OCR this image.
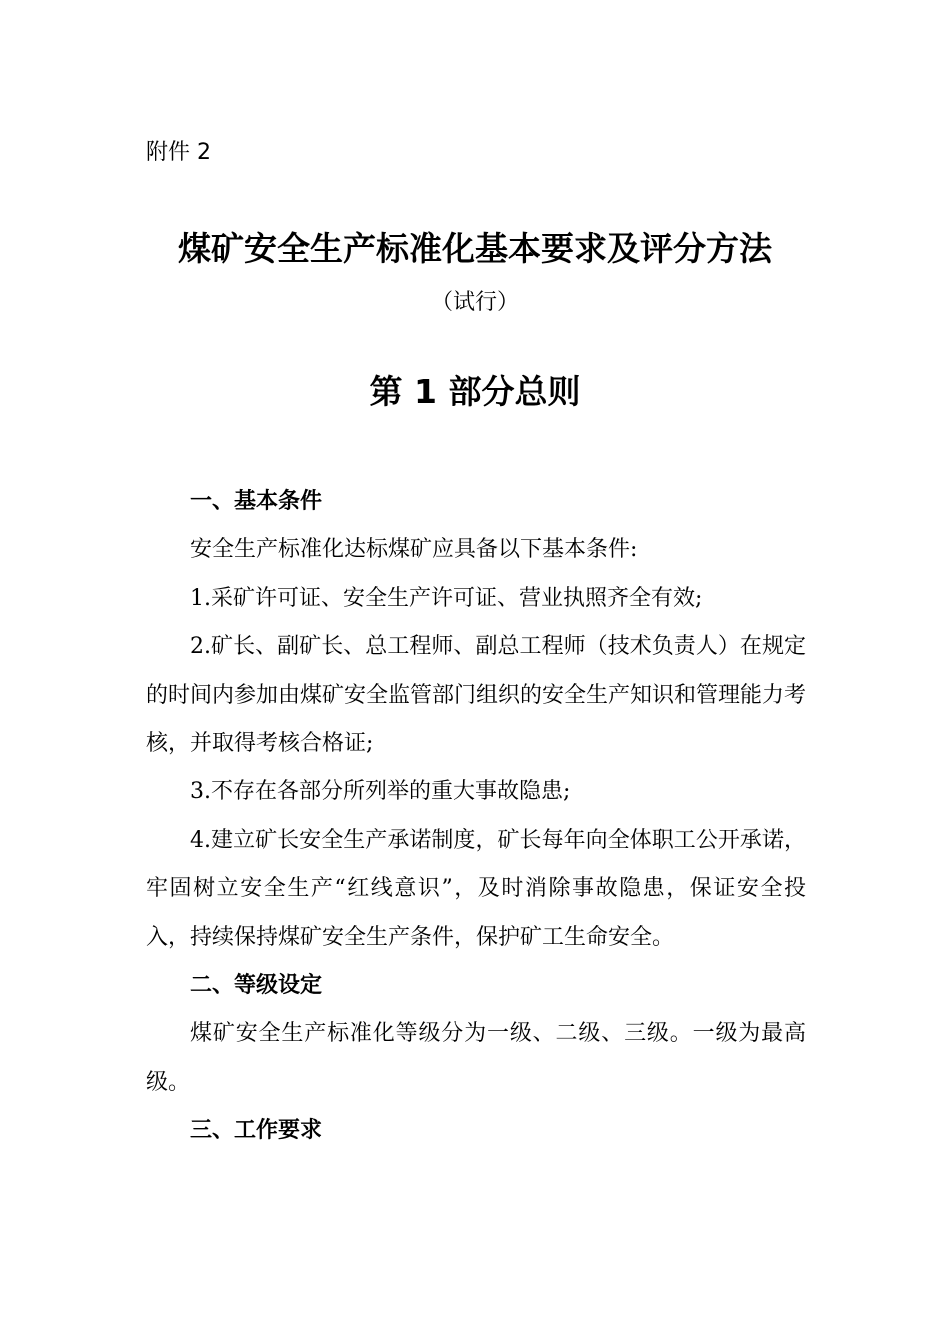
附件 2
煤矿安全生产标准化基本要求及评分方法
（试行）
第 1 部分总则

一、基本条件

安全生产标准化达标煤矿应具备以下基本条件:

1.采矿许可证、安全生产许可证、营业执照齐全有效;

2.矿长、副矿长、总工程师、副总工程师（技术负责人）在规定的时间内参加由煤矿安全监管部门组织的安全生产知识和管理能力考核，并取得考核合格证;

3.不存在各部分所列举的重大事故隐患;

4.建立矿长安全生产承诺制度，矿长每年向全体职工公开承诺，牢固树立安全生产“红线意识”，及时消除事故隐患，保证安全投入，持续保持煤矿安全生产条件，保护矿工生命安全。

二、等级设定

煤矿安全生产标准化等级分为一级、二级、三级。一级为最高级。

三、工作要求
